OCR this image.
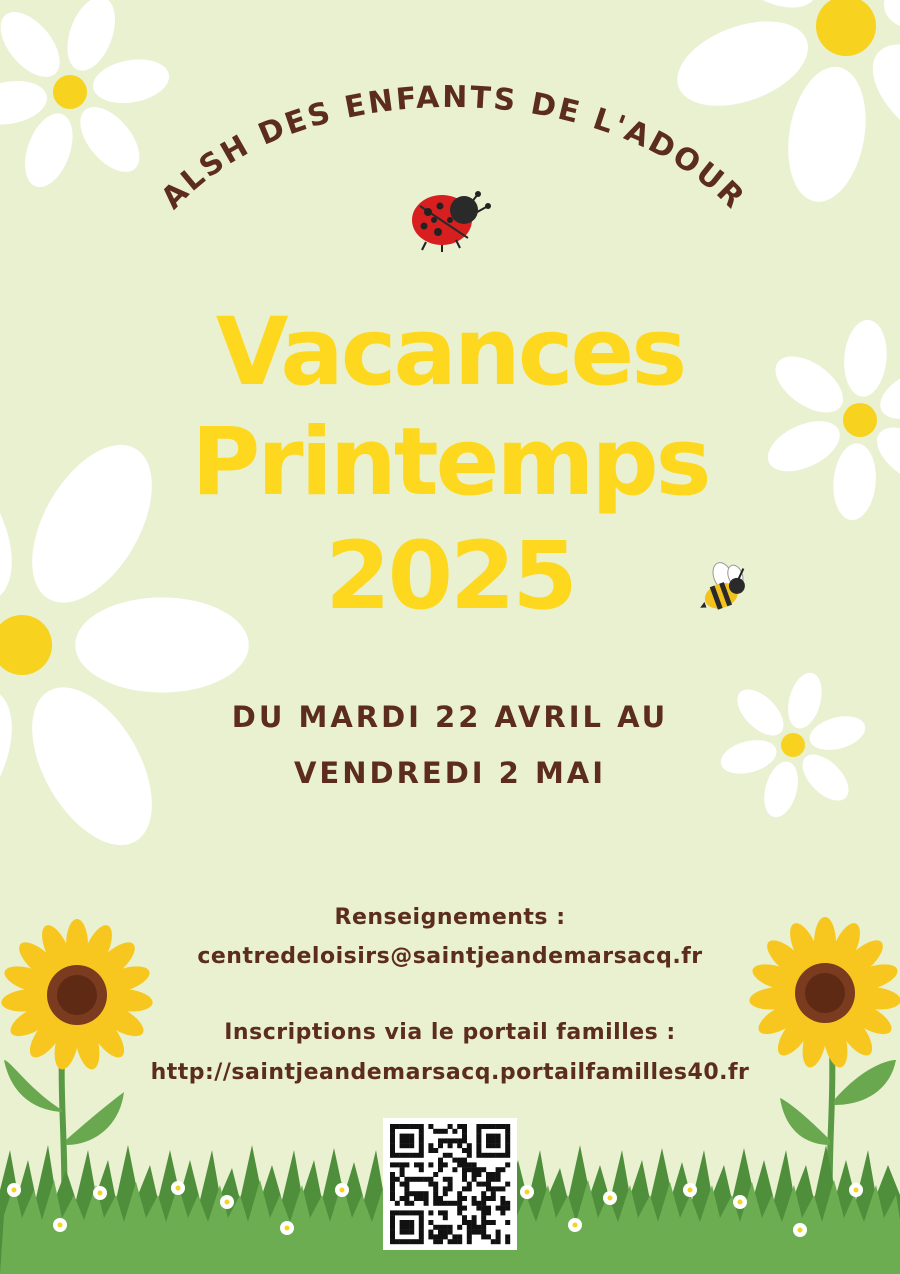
ALSH DES ENFANTS DE L'ADOUR
Vacances
Printemps
2025
DU MARDI 22 AVRIL AU
VENDREDI 2 MAI
Renseignements :
centredeloisirs@saintjeandemarsacq.fr
Inscriptions via le portail familles :
http://saintjeandemarsacq.portailfamilles40.fr
